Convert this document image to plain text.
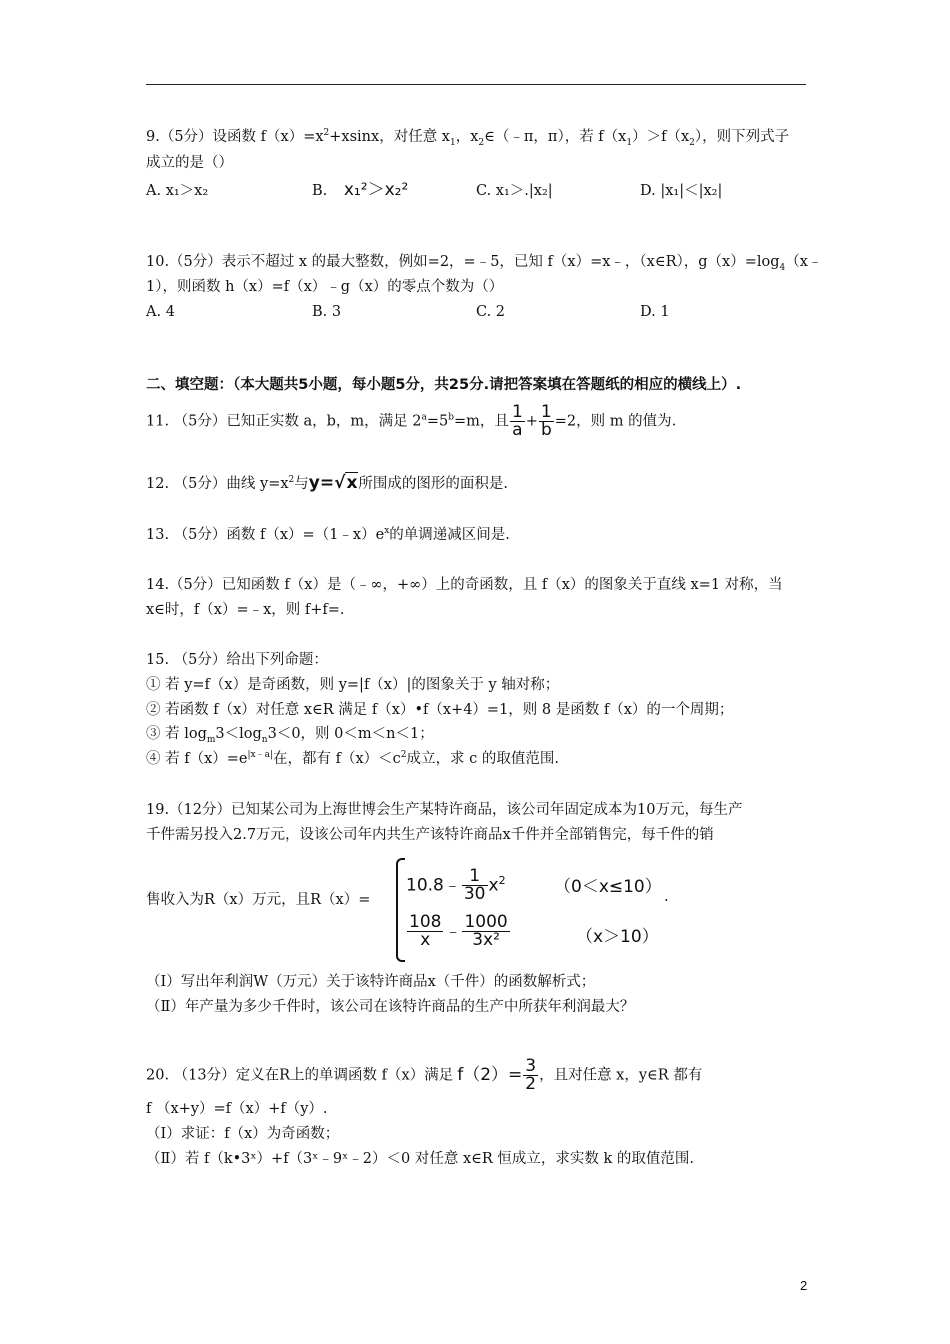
9.（5分）设函数 $f(x)=x^2+xsinx$，对任意 $x_1$，$x_2\in(﹣\pi$，π），若 $f(x_1)>f(x_2)$，则下列式子
成立的是（）
A. x₁＞x₂	B. x₁²＞x₂²	C. x₁＞.|x₂|	D. |x₁|＜|x₂|
10.（5分）表示不超过 x 的最大整数，例如=2，=﹣5，已知 f（x）=x﹣，（x∈R），$g(x)=\log_4(x﹣$
1），则函数 h（x）=f（x）﹣g（x）的零点个数为（）
A. 4	B. 3	C. 2	D. 1
二、填空题：（本大题共5小题，每小题5分，共25分.请把答案填在答题纸的相应的横线上）.
11. （5分）已知正实数 a，b，m，满足 $2^a=5^b=m$，且 $\frac{1}{a} + \frac{1}{b} =2$，则 m 的值为.
12. （5分）曲线 $y=x^2$与y=√x所围成的图形的面积是.
13. （5分）函数 $f(x)=(1﹣x)e^x$的单调递减区间是.
14.（5分）已知函数 f（x）是（﹣∞，+∞）上的奇函数，且 f（x）的图象关于直线 x=1 对称，当
x∈时，f（x）=﹣x，则 f+f=.
15. （5分）给出下列命题：
① 若 y=f（x）是奇函数，则 y=|f（x）|的图象关于 y 轴对称；
② 若函数 f（x）对任意 x∈R 满足 f（x）•f（x+4）=1，则 8 是函数 f（x）的一个周期；
③ 若 $\log_m3<\log_n3<0$，则 0＜m＜n＜1；
④ 若 $f(x)=e^{|x﹣a|}$在，都有 $f(x)<c^2$成立，求 c 的取值范围.
19.（12分）已知某公司为上海世博会生产某特许商品，该公司年固定成本为10万元，每生产
千件需另投入2.7万元，设该公司年内共生产该特许商品x千件并全部销售完，每千件的销
售收入为R（x）万元，且R（x）=
10.8﹣ $\frac{1}{30} x^2$	（0＜x≤10）
$\frac{108}{x}$ ﹣ $\frac{1000}{\text{3x²}}$	（x＞10）
.
（Ⅰ）写出年利润W（万元）关于该特许商品x（千件）的函数解析式；
（Ⅱ）年产量为多少千件时，该公司在该特许商品的生产中所获年利润最大？
20. （13分）定义在R上的单调函数 f（x）满足 $f(2)= \frac{3}{2}$ ，且对任意 x，y∈R 都有
f （x+y）=f（x）+f（y）.
（Ⅰ）求证：f（x）为奇函数；
（Ⅱ）若 f（k•3ˣ）+f（3ˣ﹣9ˣ﹣2）＜0 对任意 x∈R 恒成立，求实数 k 的取值范围.
2
